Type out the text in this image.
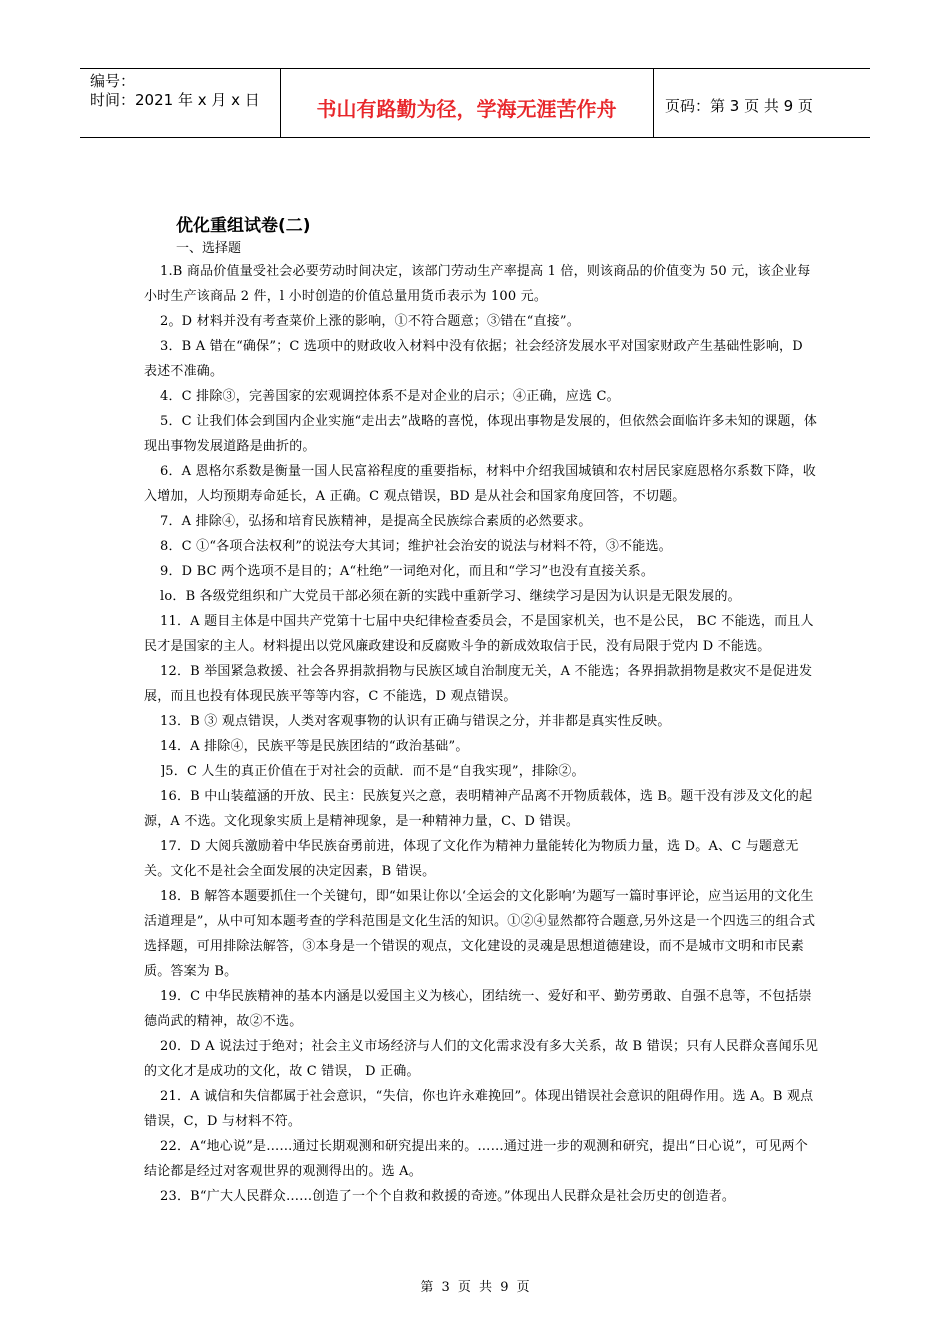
编号：
时间：2021 年 x 月 x 日	书山有路勤为径，学海无涯苦作舟	页码：第 3 页 共 9 页
优化重组试卷(二)
一、选择题

1.B 商品价值量受社会必要劳动时间决定，该部门劳动生产率提高 1 倍，则该商品的价值变为 50 元，该企业每小时生产该商品 2 件，l 小时创造的价值总量用货币表示为 100 元。

2。D 材料并没有考查菜价上涨的影响，①不符合题意；③错在“直接”。

3．B A 错在“确保”；C 选项中的财政收入材料中没有依据；社会经济发展水平对国家财政产生基础性影响，D 表述不准确。

4．C 排除③，完善国家的宏观调控体系不是对企业的启示；④正确，应选 C。

5．C 让我们体会到国内企业实施“走出去”战略的喜悦，体现出事物是发展的，但依然会面临许多未知的课题，体现出事物发展道路是曲折的。

6．A 恩格尔系数是衡量一国人民富裕程度的重要指标，材料中介绍我国城镇和农村居民家庭恩格尔系数下降，收入增加，人均预期寿命延长，A 正确。C 观点错误，BD 是从社会和国家角度回答，不切题。

7．A 排除④，弘扬和培育民族精神，是提高全民族综合素质的必然要求。

8．C ①“各项合法权利”的说法夸大其词；维护社会治安的说法与材料不符，③不能选。

9．D BC 两个选项不是目的；A“杜绝”一词绝对化，而且和“学习”也没有直接关系。

lo．B 各级党组织和广大党员干部必须在新的实践中重新学习、继续学习是因为认识是无限发展的。

11．A 题目主体是中国共产党第十七届中央纪律检查委员会，不是国家机关，也不是公民， BC 不能选，而且人民才是国家的主人。材料提出以党风廉政建设和反腐败斗争的新成效取信于民，没有局限于党内 D 不能选。

12．B 举国紧急救援、社会各界捐款捐物与民族区域自治制度无关，A 不能选；各界捐款捐物是救灾不是促进发展，而且也投有体现民族平等等内容，C 不能选，D 观点错误。

13．B ③ 观点错误，人类对客观事物的认识有正确与错误之分，并非都是真实性反映。

14．A 排除④，民族平等是民族团结的“政治基础”。

]5．C 人生的真正价值在于对社会的贡献．而不是“自我实现”，排除②。

16．B 中山装蕴涵的开放、民主：民族复兴之意，表明精神产品离不开物质载体，选 B。题干没有涉及文化的起源，A 不选。文化现象实质上是精神现象，是一种精神力量，C、D 错误。

17．D 大阅兵激励着中华民族奋勇前进，体现了文化作为精神力量能转化为物质力量，选 D。A、C 与题意无关。文化不是社会全面发展的决定因素，B 错误。

18．B 解答本题要抓住一个关键句，即“如果让你以‘全运会的文化影响’为题写一篇时事评论，应当运用的文化生活道理是”，从中可知本题考查的学科范围是文化生活的知识。①②④显然都符合题意,另外这是一个四选三的组合式选择题，可用排除法解答，③本身是一个错误的观点，文化建设的灵魂是思想道德建设，而不是城市文明和市民素质。答案为 B。

19．C 中华民族精神的基本内涵是以爱国主义为核心，团结统一、爱好和平、勤劳勇敢、自强不息等，不包括崇德尚武的精神，故②不选。

20．D A 说法过于绝对；社会主义市场经济与人们的文化需求没有多大关系，故 B 错误；只有人民群众喜闻乐见的文化才是成功的文化，故 C 错误， D 正确。

21．A 诚信和失信都属于社会意识，“失信，你也许永难挽回”。体现出错误社会意识的阻碍作用。选 A。B 观点错误，C，D 与材料不符。

22．A“地心说”是……通过长期观测和研究提出来的。……通过进一步的观测和研究，提出“日心说”，可见两个结论都是经过对客观世界的观测得出的。选 A。

23．B“广大人民群众……创造了一个个自救和救援的奇迹。”体现出人民群众是社会历史的创造者。

第 3 页 共 9 页
